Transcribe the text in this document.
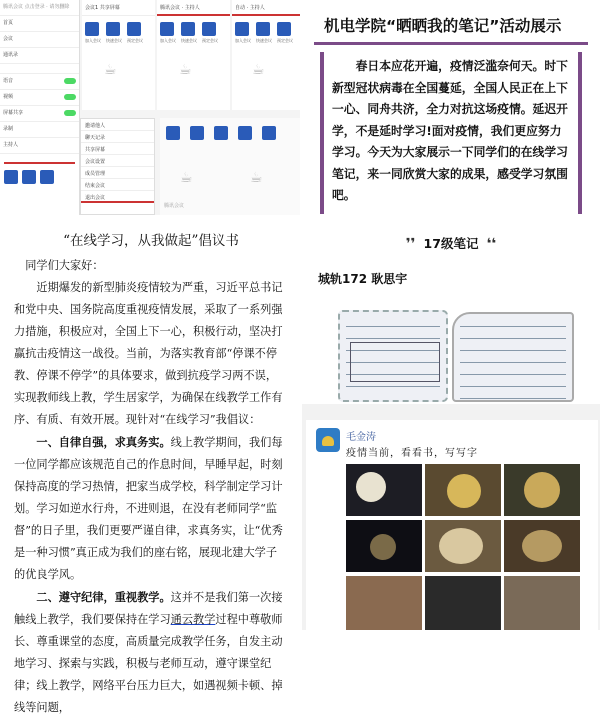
腾讯会议 点击登录 · 请勿删除
首页
会议
通讯录
语音
视频
屏幕共享
录制
主持人
会议1 共享屏幕
加入会议 快速会议 预定会议
☕
腾讯会议 · 主持人
加入会议 快速会议 预定会议
☕
自动 · 主持人
加入会议 快速会议 预定会议
☕
邀请他人
聊天记录
共享屏幕
会议设置
成员管理
结束会议
退出会议
☕	☕
腾讯会议
“在线学习，从我做起”倡议书
同学们大家好：
近期爆发的新型肺炎疫情较为严重，习近平总书记和党中央、国务院高度重视疫情发展，采取了一系列强力措施，积极应对，全国上下一心，积极行动，坚决打赢抗击疫情这一战役。当前，为落实教育部“停课不停教、停课不停学”的具体要求，做到抗疫学习两不误，实现教师线上教，学生居家学，为确保在线教学工作有序、有质、有效开展。现针对“在线学习”我倡议：
一、自律自强，求真务实。线上教学期间，我们每一位同学都应该规范自己的作息时间，早睡早起，时刻保持高度的学习热情，把家当成学校，科学制定学习计划。学习如逆水行舟，不进则退，在没有老师同学“监督”的日子里，我们更要严谨自律，求真务实，让“优秀是一种习惯”真正成为我们的座右铭，展现北建大学子的优良学风。
二、遵守纪律，重视教学。这并不是我们第一次接触线上教学，我们要保持在学习通云教学过程中尊敬师长、尊重课堂的态度，高质量完成教学任务，自发主动地学习、探索与实践，积极与老师互动，遵守课堂纪律；线上教学，网络平台压力巨大，如遇视频卡顿、掉线等问题，
机电学院“晒晒我的笔记”活动展示
春日本应花开遍，疫情泛滥奈何天。时下新型冠状病毒在全国蔓延，全国人民正在上下一心、同舟共济，全力对抗这场疫情。延迟开学，不是延时学习!面对疫情，我们更应努力学习。今天为大家展示一下同学们的在线学习笔记，来一同欣赏大家的成果，感受学习氛围吧。
❜❜ 17级笔记 ❛❛
城轨172 耿思宇
毛金涛
疫情当前，看看书，写写字
